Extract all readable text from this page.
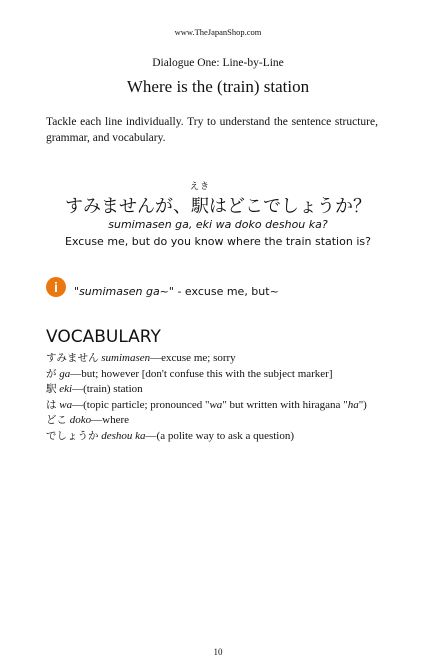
www.TheJapanShop.com
Dialogue One: Line-by-Line
Where is the (train) station
Tackle each line individually. Try to understand the sentence structure, grammar, and vocabulary.
すみませんが、
えき
駅はどこでしょうか？
sumimasen ga, eki wa doko deshou ka?
Excuse me, but do you know where the train station is?
i "sumimasen ga~" - excuse me, but~
VOCABULARY
すみません sumimasen—excuse me; sorry
が ga—but; however [don't confuse this with the subject marker]
駅 eki—(train) station
は wa—(topic particle; pronounced "wa" but written with hiragana "ha")
どこ doko—where
でしょうか deshou ka—(a polite way to ask a question)
10
